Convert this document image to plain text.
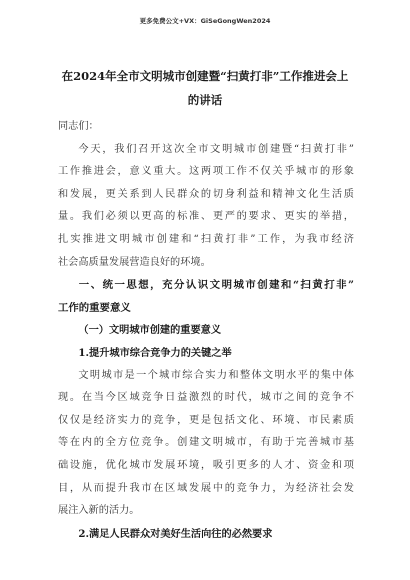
更多免费公文+VX：GiSeGongWen2024
在2024年全市文明城市创建暨“扫黄打非”工作推进会上
的讲话
同志们：
今天，我们召开这次全市文明城市创建暨“扫黄打非”
工作推进会，意义重大。这两项工作不仅关乎城市的形象
和发展，更关系到人民群众的切身利益和精神文化生活质
量。我们必须以更高的标准、更严的要求、更实的举措，
扎实推进文明城市创建和“扫黄打非”工作，为我市经济
社会高质量发展营造良好的环境。
一、统一思想，充分认识文明城市创建和“扫黄打非”
工作的重要意义
（一）文明城市创建的重要意义
1.提升城市综合竞争力的关键之举
文明城市是一个城市综合实力和整体文明水平的集中体
现。在当今区域竞争日益激烈的时代，城市之间的竞争不
仅仅是经济实力的竞争，更是包括文化、环境、市民素质
等在内的全方位竞争。创建文明城市，有助于完善城市基
础设施，优化城市发展环境，吸引更多的人才、资金和项
目，从而提升我市在区域发展中的竞争力，为经济社会发
展注入新的活力。
2.满足人民群众对美好生活向往的必然要求
